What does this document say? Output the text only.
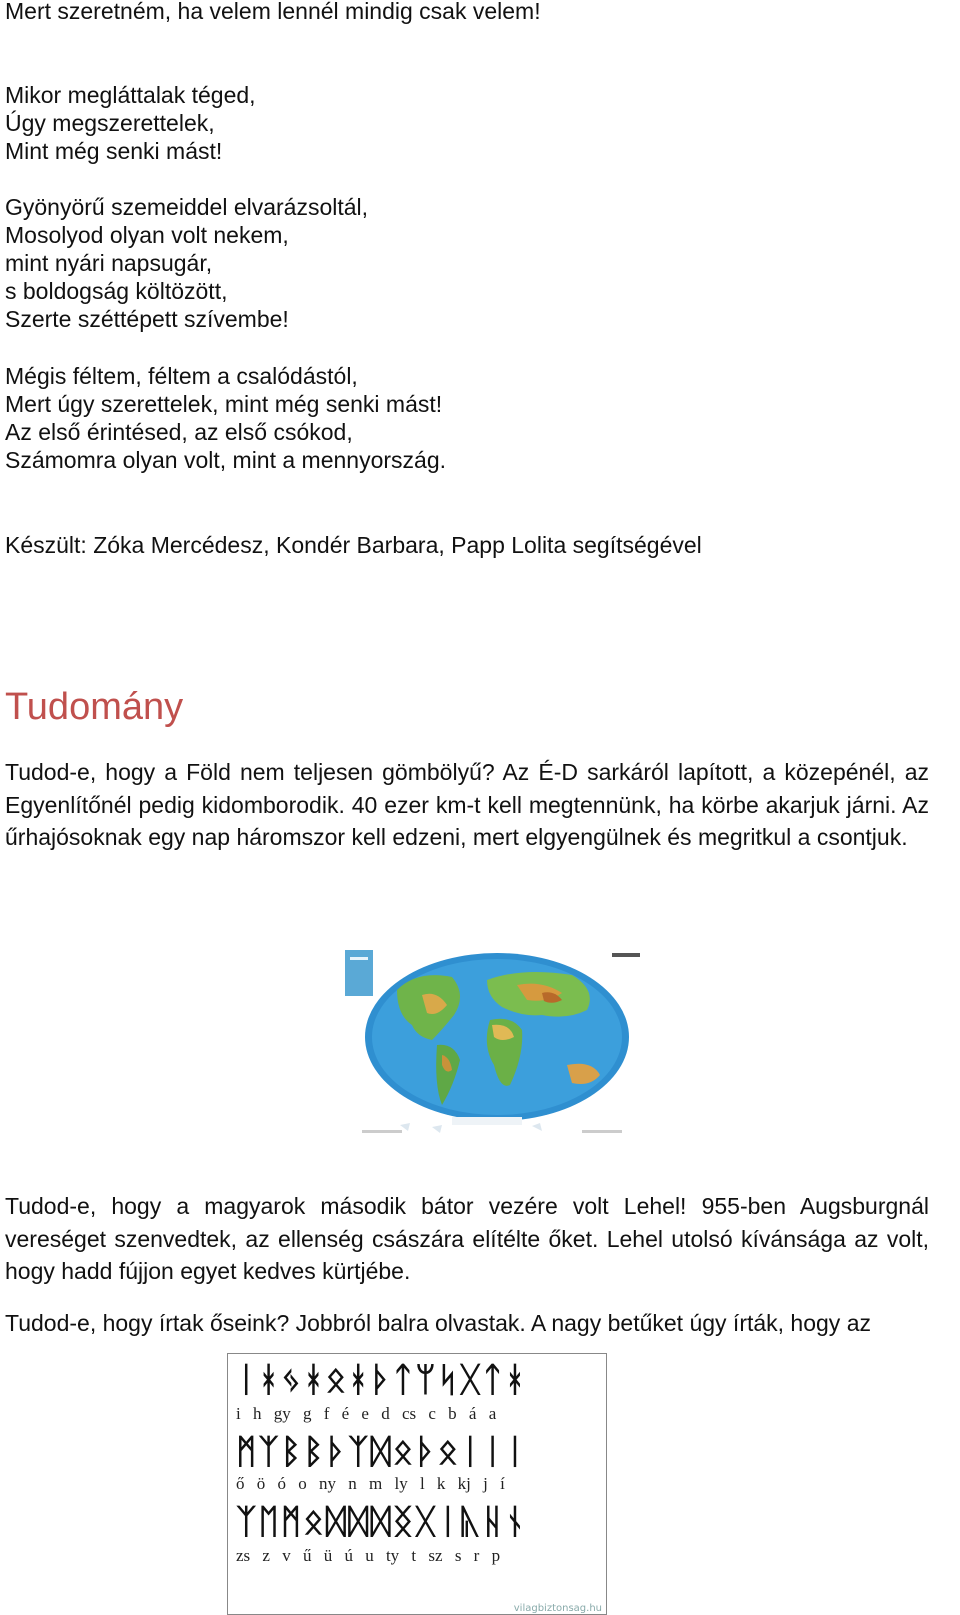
Mert szeretném, ha velem lennél mindig csak velem!
Mikor megláttalak téged,
Úgy megszerettelek,
Mint még senki mást!
Gyönyörű szemeiddel elvarázsoltál,
Mosolyod olyan volt nekem,
mint nyári napsugár,
s boldogság költözött,
Szerte széttépett szívembe!
Mégis féltem, féltem a csalódástól,
Mert úgy szerettelek, mint még senki mást!
Az első érintésed, az első csókod,
Számomra olyan volt, mint a mennyország.
Készült: Zóka Mercédesz, Kondér Barbara, Papp Lolita segítségével
Tudomány
Tudod-e, hogy a Föld nem teljesen gömbölyű? Az É-D sarkáról lapított, a közepénél, az Egyenlítőnél pedig kidomborodik. 40 ezer km-t kell megtennünk, ha körbe akarjuk járni. Az űrhajósoknak egy nap háromszor kell edzeni, mert elgyengülnek és megritkul a csontjuk.
Tudod-e, hogy a magyarok második bátor vezére volt Lehel! 955-ben Augsburgnál vereséget szenvedtek, az ellenség császára elítélte őket. Lehel utolsó kívánsága az volt, hogy hadd fújjon egyet kedves kürtjébe.
Tudod-e, hogy írtak őseink? Jobbról balra olvastak. A nagy betűket úgy írták, hogy az
ᛁᚼᛃᚼᛟᚼᚦᛏᛘᛋᚷᛏᚼ
i h gy g f é e d cs c b á a
ᛗᛉᛒᛒᚦᛉᛞᛟᚦᛟᛁᛁᛁ
ő ö ó o ny n m ly l k kj j í
ᛉᛖᛗᛟᛞᛞᛞᛝᚷᛁᚣᚺᚾ
zs z v ű ü ú u ty t sz s r p
vilagbiztonsag.hu
